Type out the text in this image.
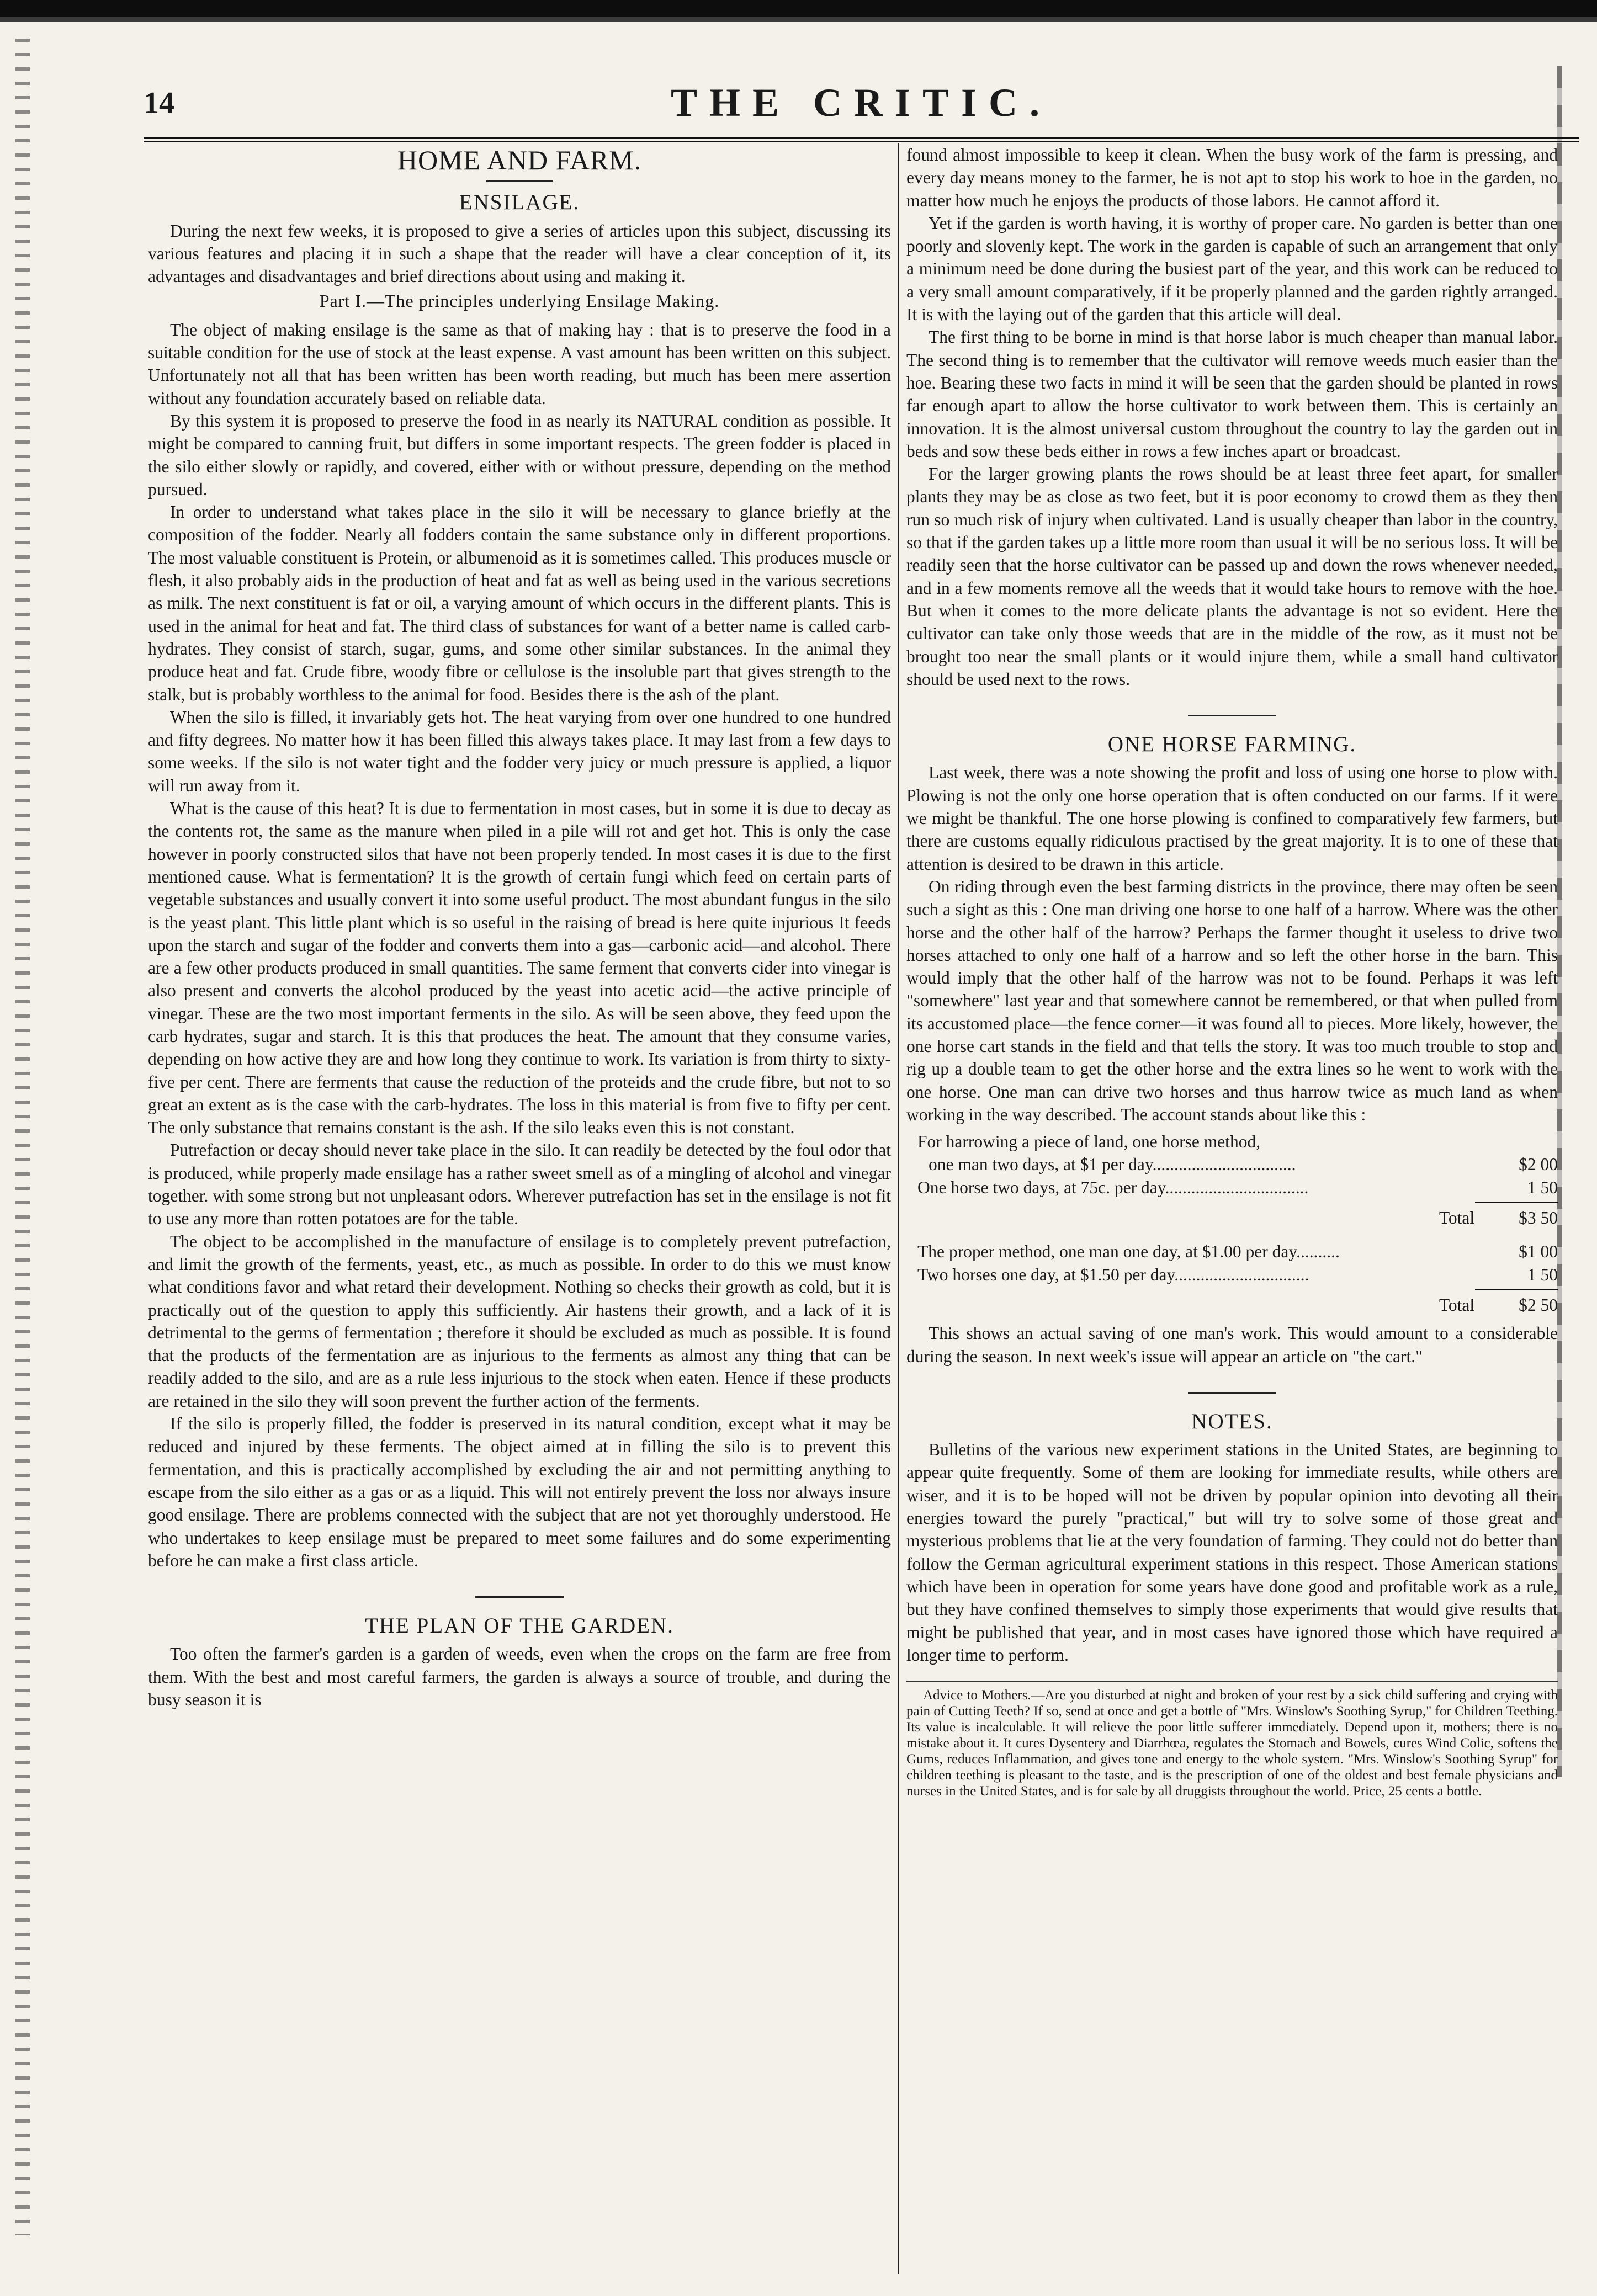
14	THE CRITIC.
HOME AND FARM.
ENSILAGE.

During the next few weeks, it is proposed to give a series of articles upon this subject, discussing its various features and placing it in such a shape that the reader will have a clear conception of it, its advantages and disadvantages and brief directions about using and making it.

Part I.—The principles underlying Ensilage Making.

The object of making ensilage is the same as that of making hay : that is to preserve the food in a suitable condition for the use of stock at the least expense. A vast amount has been written on this subject. Unfortunately not all that has been written has been worth reading, but much has been mere assertion without any foundation accurately based on reliable data.

By this system it is proposed to preserve the food in as nearly its NATURAL condition as possible. It might be compared to canning fruit, but differs in some important respects. The green fodder is placed in the silo either slowly or rapidly, and covered, either with or without pressure, depending on the method pursued.

In order to understand what takes place in the silo it will be necessary to glance briefly at the composition of the fodder. Nearly all fodders contain the same substance only in different proportions. The most valuable constituent is Protein, or albumenoid as it is sometimes called. This produces muscle or flesh, it also probably aids in the production of heat and fat as well as being used in the various secretions as milk. The next constituent is fat or oil, a varying amount of which occurs in the different plants. This is used in the animal for heat and fat. The third class of substances for want of a better name is called carb-hydrates. They consist of starch, sugar, gums, and some other similar substances. In the animal they produce heat and fat. Crude fibre, woody fibre or cellulose is the insoluble part that gives strength to the stalk, but is probably worthless to the animal for food. Besides there is the ash of the plant.

When the silo is filled, it invariably gets hot. The heat varying from over one hundred to one hundred and fifty degrees. No matter how it has been filled this always takes place. It may last from a few days to some weeks. If the silo is not water tight and the fodder very juicy or much pressure is applied, a liquor will run away from it.

What is the cause of this heat? It is due to fermentation in most cases, but in some it is due to decay as the contents rot, the same as the manure when piled in a pile will rot and get hot. This is only the case however in poorly constructed silos that have not been properly tended. In most cases it is due to the first mentioned cause. What is fermentation? It is the growth of certain fungi which feed on certain parts of vegetable substances and usually convert it into some useful product. The most abundant fungus in the silo is the yeast plant. This little plant which is so useful in the raising of bread is here quite injurious It feeds upon the starch and sugar of the fodder and converts them into a gas—carbonic acid—and alcohol. There are a few other products produced in small quantities. The same ferment that converts cider into vinegar is also present and converts the alcohol produced by the yeast into acetic acid—the active principle of vinegar. These are the two most important ferments in the silo. As will be seen above, they feed upon the carb hydrates, sugar and starch. It is this that produces the heat. The amount that they consume varies, depending on how active they are and how long they continue to work. Its variation is from thirty to sixty-five per cent. There are ferments that cause the reduction of the proteids and the crude fibre, but not to so great an extent as is the case with the carb-hydrates. The loss in this material is from five to fifty per cent. The only substance that remains constant is the ash. If the silo leaks even this is not constant.

Putrefaction or decay should never take place in the silo. It can readily be detected by the foul odor that is produced, while properly made ensilage has a rather sweet smell as of a mingling of alcohol and vinegar together. with some strong but not unpleasant odors. Wherever putrefaction has set in the ensilage is not fit to use any more than rotten potatoes are for the table.

The object to be accomplished in the manufacture of ensilage is to completely prevent putrefaction, and limit the growth of the ferments, yeast, etc., as much as possible. In order to do this we must know what conditions favor and what retard their development. Nothing so checks their growth as cold, but it is practically out of the question to apply this sufficiently. Air hastens their growth, and a lack of it is detrimental to the germs of fermentation ; therefore it should be excluded as much as possible. It is found that the products of the fermentation are as injurious to the ferments as almost any thing that can be readily added to the silo, and are as a rule less injurious to the stock when eaten. Hence if these products are retained in the silo they will soon prevent the further action of the ferments.

If the silo is properly filled, the fodder is preserved in its natural condition, except what it may be reduced and injured by these ferments. The object aimed at in filling the silo is to prevent this fermentation, and this is practically accomplished by excluding the air and not permitting anything to escape from the silo either as a gas or as a liquid. This will not entirely prevent the loss nor always insure good ensilage. There are problems connected with the subject that are not yet thoroughly understood. He who undertakes to keep ensilage must be prepared to meet some failures and do some experimenting before he can make a first class article.

THE PLAN OF THE GARDEN.

Too often the farmer's garden is a garden of weeds, even when the crops on the farm are free from them. With the best and most careful farmers, the garden is always a source of trouble, and during the busy season it is

found almost impossible to keep it clean. When the busy work of the farm is pressing, and every day means money to the farmer, he is not apt to stop his work to hoe in the garden, no matter how much he enjoys the products of those labors. He cannot afford it.

Yet if the garden is worth having, it is worthy of proper care. No garden is better than one poorly and slovenly kept. The work in the garden is capable of such an arrangement that only a minimum need be done during the busiest part of the year, and this work can be reduced to a very small amount comparatively, if it be properly planned and the garden rightly arranged. It is with the laying out of the garden that this article will deal.

The first thing to be borne in mind is that horse labor is much cheaper than manual labor. The second thing is to remember that the cultivator will remove weeds much easier than the hoe. Bearing these two facts in mind it will be seen that the garden should be planted in rows far enough apart to allow the horse cultivator to work between them. This is certainly an innovation. It is the almost universal custom throughout the country to lay the garden out in beds and sow these beds either in rows a few inches apart or broadcast.

For the larger growing plants the rows should be at least three feet apart, for smaller plants they may be as close as two feet, but it is poor economy to crowd them as they then run so much risk of injury when cultivated. Land is usually cheaper than labor in the country, so that if the garden takes up a little more room than usual it will be no serious loss. It will be readily seen that the horse cultivator can be passed up and down the rows whenever needed, and in a few moments remove all the weeds that it would take hours to remove with the hoe. But when it comes to the more delicate plants the advantage is not so evident. Here the cultivator can take only those weeds that are in the middle of the row, as it must not be brought too near the small plants or it would injure them, while a small hand cultivator should be used next to the rows.

ONE HORSE FARMING.

Last week, there was a note showing the profit and loss of using one horse to plow with. Plowing is not the only one horse operation that is often conducted on our farms. If it were we might be thankful. The one horse plowing is confined to comparatively few farmers, but there are customs equally ridiculous practised by the great majority. It is to one of these that attention is desired to be drawn in this article.

On riding through even the best farming districts in the province, there may often be seen such a sight as this : One man driving one horse to one half of a harrow. Where was the other horse and the other half of the harrow? Perhaps the farmer thought it useless to drive two horses attached to only one half of a harrow and so left the other horse in the barn. This would imply that the other half of the harrow was not to be found. Perhaps it was left "somewhere" last year and that somewhere cannot be remembered, or that when pulled from its accustomed place—the fence corner—it was found all to pieces. More likely, however, the one horse cart stands in the field and that tells the story. It was too much trouble to stop and rig up a double team to get the other horse and the extra lines so he went to work with the one horse. One man can drive two horses and thus harrow twice as much land as when working in the way described. The account stands about like this :

For harrowing a piece of land, one horse method,
one man two days, at $1 per day.................................	$2 00
One horse two days, at 75c. per day.................................	1 50
Total	$3 50
The proper method, one man one day, at $1.00 per day..........	$1 00
Two horses one day, at $1.50 per day...............................	1 50
Total	$2 50

This shows an actual saving of one man's work. This would amount to a considerable during the season. In next week's issue will appear an article on "the cart."

NOTES.

Bulletins of the various new experiment stations in the United States, are beginning to appear quite frequently. Some of them are looking for immediate results, while others are wiser, and it is to be hoped will not be driven by popular opinion into devoting all their energies toward the purely "practical," but will try to solve some of those great and mysterious problems that lie at the very foundation of farming. They could not do better than follow the German agricultural experiment stations in this respect. Those American stations which have been in operation for some years have done good and profitable work as a rule, but they have confined themselves to simply those experiments that would give results that might be published that year, and in most cases have ignored those which have required a longer time to perform.

Advice to Mothers.—Are you disturbed at night and broken of your rest by a sick child suffering and crying with pain of Cutting Teeth? If so, send at once and get a bottle of "Mrs. Winslow's Soothing Syrup," for Children Teething. Its value is incalculable. It will relieve the poor little sufferer immediately. Depend upon it, mothers; there is no mistake about it. It cures Dysentery and Diarrhœa, regulates the Stomach and Bowels, cures Wind Colic, softens the Gums, reduces Inflammation, and gives tone and energy to the whole system. "Mrs. Winslow's Soothing Syrup" for children teething is pleasant to the taste, and is the prescription of one of the oldest and best female physicians and nurses in the United States, and is for sale by all druggists throughout the world. Price, 25 cents a bottle.
